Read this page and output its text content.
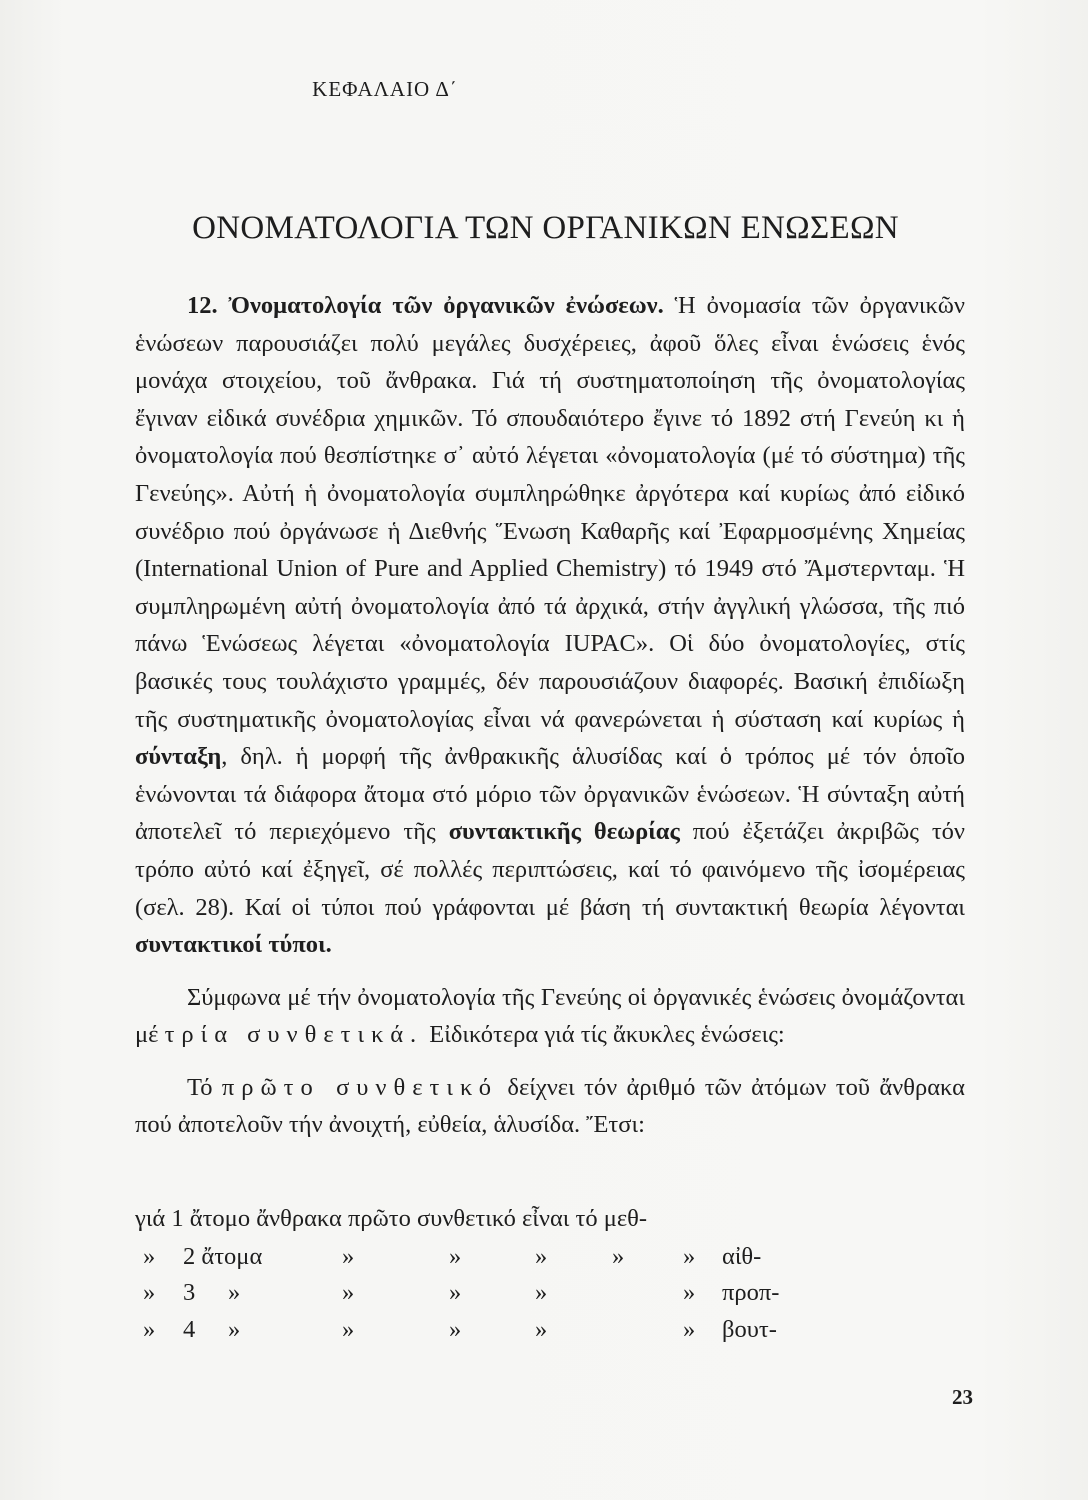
ΚΕΦΑΛΑΙΟ Δ΄
ΟΝΟΜΑΤΟΛΟΓΙΑ ΤΩΝ ΟΡΓΑΝΙΚΩΝ ΕΝΩΣΕΩΝ

12. Ὀνοματολογία τῶν ὀργανικῶν ἐνώσεων. Ἡ ὀνομασία τῶν ὀργανικῶν ἑνώσεων παρουσιάζει πολύ μεγάλες δυσχέρειες, ἀφοῦ ὅλες εἶναι ἑνώσεις ἑνός μονάχα στοιχείου, τοῦ ἄνθρακα. Γιά τή συστηματοποίηση τῆς ὀνοματολογίας ἔγιναν εἰδικά συνέδρια χημικῶν. Τό σπουδαιότερο ἔγινε τό 1892 στή Γενεύη κι ἡ ὀνοματολογία πού θεσπίστηκε σ᾿ αὐτό λέγεται «ὀνοματολογία (μέ τό σύστημα) τῆς Γενεύης». Αὐτή ἡ ὀνοματολογία συμπληρώθηκε ἀργότερα καί κυρίως ἀπό εἰδικό συνέδριο πού ὀργάνωσε ἡ Διεθνής Ἕνωση Καθαρῆς καί Ἐφαρμοσμένης Χημείας (International Union of Pure and Applied Chemistry) τό 1949 στό Ἄμστερνταμ. Ἡ συμπληρωμένη αὐτή ὀνοματολογία ἀπό τά ἀρχικά, στήν ἀγγλική γλώσσα, τῆς πιό πάνω Ἑνώσεως λέγεται «ὀνοματολογία IUPAC». Οἱ δύο ὀνοματολογίες, στίς βασικές τους τουλάχιστο γραμμές, δέν παρουσιάζουν διαφορές. Βασική ἐπιδίωξη τῆς συστηματικῆς ὀνοματολογίας εἶναι νά φανερώνεται ἡ σύσταση καί κυρίως ἡ σύνταξη, δηλ. ἡ μορφή τῆς ἀνθρακικῆς ἁλυσίδας καί ὁ τρόπος μέ τόν ὁποῖο ἑνώνονται τά διάφορα ἄτομα στό μόριο τῶν ὀργανικῶν ἑνώσεων. Ἡ σύνταξη αὐτή ἀποτελεῖ τό περιεχόμενο τῆς συντακτικῆς θεωρίας πού ἐξετάζει ἀκριβῶς τόν τρόπο αὐτό καί ἐξηγεῖ, σέ πολλές περιπτώσεις, καί τό φαινόμενο τῆς ἰσομέρειας (σελ. 28). Καί οἱ τύποι πού γράφονται μέ βάση τή συντακτική θεωρία λέγονται συντακτικοί τύποι.

Σύμφωνα μέ τήν ὀνοματολογία τῆς Γενεύης οἱ ὀργανικές ἑνώσεις ὀνομάζονται μέ τρία συνθετικά. Εἰδικότερα γιά τίς ἄκυκλες ἑνώσεις:

Τό πρῶτο συνθετικό δείχνει τόν ἀριθμό τῶν ἀτόμων τοῦ ἄνθρακα πού ἀποτελοῦν τήν ἀνοιχτή, εὐθεία, ἁλυσίδα. Ἔτσι:

γιά 1 ἄτομο ἄνθρακα πρῶτο συνθετικό εἶναι τό μεθ-
» 2 ἄτομα	»	»	»	» » αἰθ-
» 3 »	»	»	»	» προπ-
» 4 »	»	»	»	» βουτ-
23
